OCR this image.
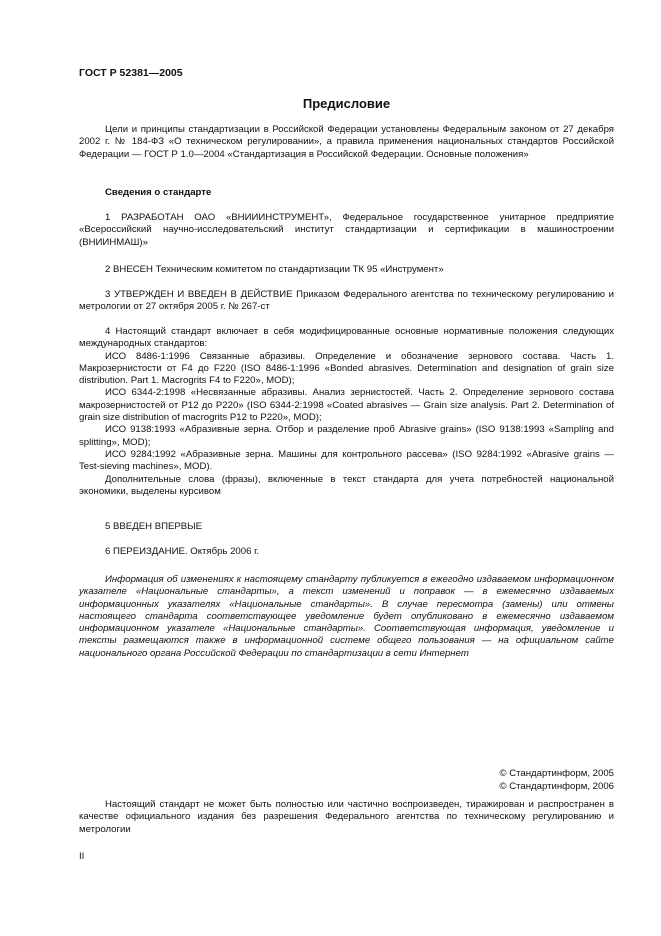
ГОСТ Р 52381—2005

Предисловие

Цели и принципы стандартизации в Российской Федерации установлены Федеральным законом от 27 декабря 2002 г. № 184-ФЗ «О техническом регулировании», а правила применения национальных стандартов Российской Федерации — ГОСТ Р 1.0—2004 «Стандартизация в Российской Федерации. Основные положения»

Сведения о стандарте

1 РАЗРАБОТАН ОАО «ВНИИИНСТРУМЕНТ», Федеральное государственное унитарное предприятие «Всероссийский научно-исследовательский институт стандартизации и сертификации в машиностроении (ВНИИНМАШ)»

2 ВНЕСЕН Техническим комитетом по стандартизации ТК 95 «Инструмент»

3 УТВЕРЖДЕН И ВВЕДЕН В ДЕЙСТВИЕ Приказом Федерального агентства по техническому регулированию и метрологии от 27 октября 2005 г. № 267-ст

4 Настоящий стандарт включает в себя модифицированные основные нормативные положения следующих международных стандартов:

ИСО 8486-1:1996 Связанные абразивы. Определение и обозначение зернового состава. Часть 1. Макрозернистости от F4 до F220 (ISO 8486-1:1996 «Bonded abrasives. Determination and designation of grain size distribution. Part 1. Macrogrits F4 to F220», MOD);

ИСО 6344-2:1998 «Несвязанные абразивы. Анализ зернистостей. Часть 2. Определение зернового состава макрозернистостей от Р12 до Р220» (ISO 6344-2:1998 «Coated abrasives — Grain size analysis. Part 2. Determination of grain size distribution of macrogrits P12 to P220», MOD);

ИСО 9138:1993 «Абразивные зерна. Отбор и разделение проб Abrasive grains» (ISO 9138:1993 «Sampling and splitting», MOD);

ИСО 9284:1992 «Абразивные зерна. Машины для контрольного рассева» (ISO 9284:1992 «Abrasive grains — Test-sieving machines», MOD).

Дополнительные слова (фразы), включенные в текст стандарта для учета потребностей национальной экономики, выделены курсивом

5 ВВЕДЕН ВПЕРВЫЕ

6 ПЕРЕИЗДАНИЕ. Октябрь 2006 г.

Информация об изменениях к настоящему стандарту публикуется в ежегодно издаваемом информационном указателе «Национальные стандарты», а текст изменений и поправок — в ежемесячно издаваемых информационных указателях «Национальные стандарты». В случае пересмотра (замены) или отмены настоящего стандарта соответствующее уведомление будет опубликовано в ежемесячно издаваемом информационном указателе «Национальные стандарты». Соответствующая информация, уведомление и тексты размещаются также в информационной системе общего пользования — на официальном сайте национального органа Российской Федерации по стандартизации в сети Интернет

© Стандартинформ, 2005

© Стандартинформ, 2006

Настоящий стандарт не может быть полностью или частично воспроизведен, тиражирован и распространен в качестве официального издания без разрешения Федерального агентства по техническому регулированию и метрологии

II
